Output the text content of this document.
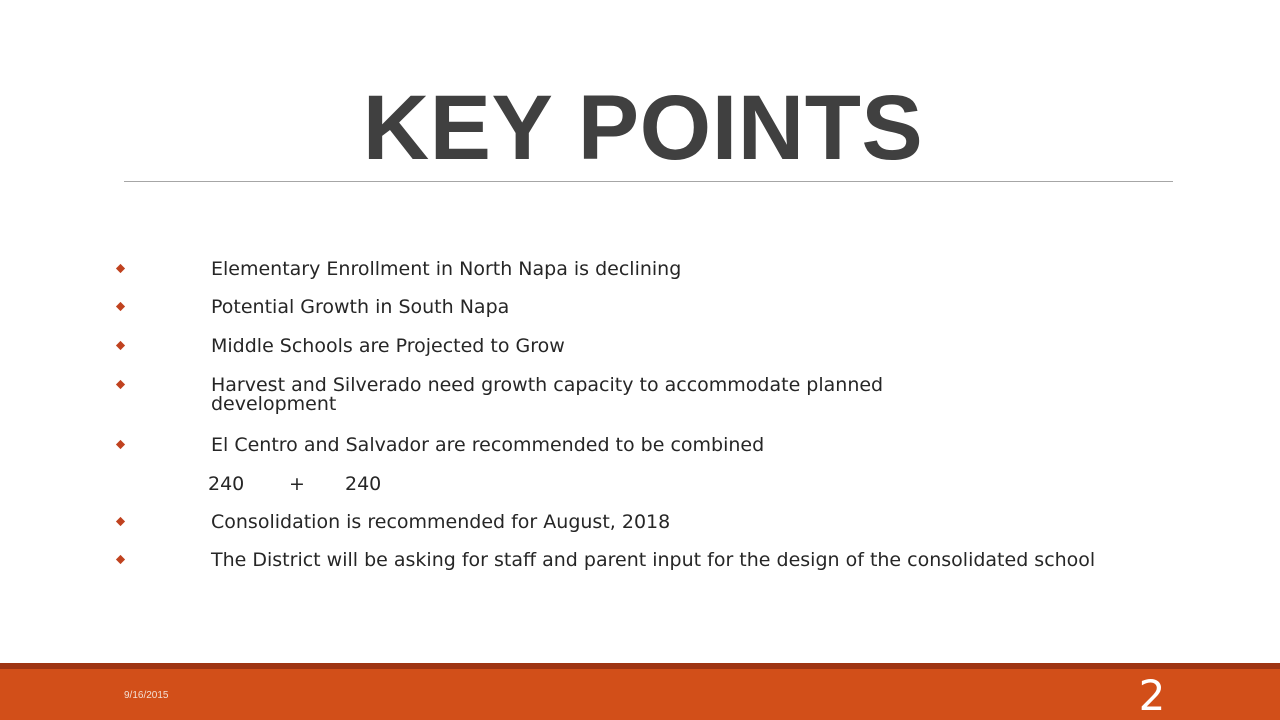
KEY POINTS
Elementary Enrollment in North Napa is declining
Potential Growth in South Napa
Middle Schools are Projected to Grow
Harvest and Silverado need growth capacity to accommodate planned development
El Centro and Salvador are recommended to be combined
240 + 240
Consolidation is recommended for August, 2018
The District will be asking for staff and parent input for the design of the consolidated school
9/16/2015	2
